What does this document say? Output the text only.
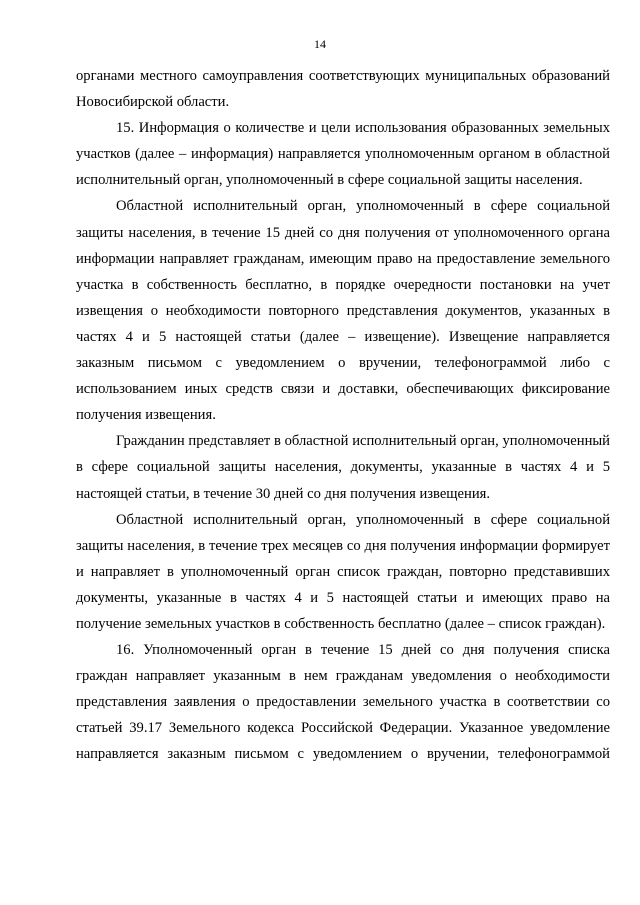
14

органами местного самоуправления соответствующих муниципальных образований Новосибирской области.

15. Информация о количестве и цели использования образованных земельных участков (далее – информация) направляется уполномоченным органом в областной исполнительный орган, уполномоченный в сфере социальной защиты населения.

Областной исполнительный орган, уполномоченный в сфере социальной защиты населения, в течение 15 дней со дня получения от уполномоченного органа информации направляет гражданам, имеющим право на предоставление земельного участка в собственность бесплатно, в порядке очередности постановки на учет извещения о необходимости повторного представления документов, указанных в частях 4 и 5 настоящей статьи (далее – извещение). Извещение направляется заказным письмом с уведомлением о вручении, телефонограммой либо с использованием иных средств связи и доставки, обеспечивающих фиксирование получения извещения.

Гражданин представляет в областной исполнительный орган, уполномоченный в сфере социальной защиты населения, документы, указанные в частях 4 и 5 настоящей статьи, в течение 30 дней со дня получения извещения.

Областной исполнительный орган, уполномоченный в сфере социальной защиты населения, в течение трех месяцев со дня получения информации формирует и направляет в уполномоченный орган список граждан, повторно представивших документы, указанные в частях 4 и 5 настоящей статьи и имеющих право на получение земельных участков в собственность бесплатно (далее – список граждан).

16. Уполномоченный орган в течение 15 дней со дня получения списка граждан направляет указанным в нем гражданам уведомления о необходимости представления заявления о предоставлении земельного участка в соответствии со статьей 39.17 Земельного кодекса Российской Федерации. Указанное уведомление направляется заказным письмом с уведомлением о вручении, телефонограммой
